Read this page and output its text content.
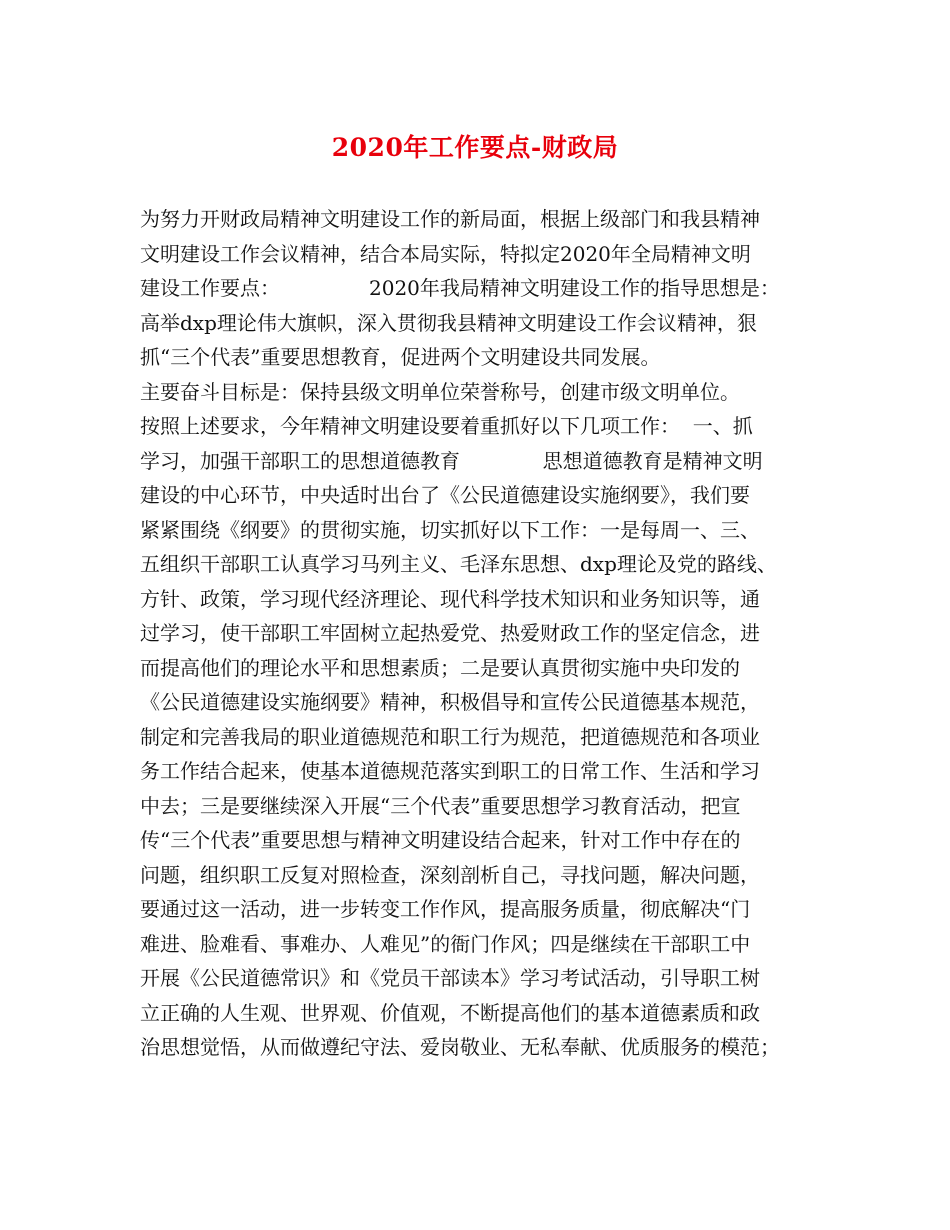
2020年工作要点-财政局
为努力开财政局精神文明建设工作的新局面，根据上级部门和我县精神
文明建设工作会议精神，结合本局实际，特拟定2020年全局精神文明
建设工作要点：              2020年我局精神文明建设工作的指导思想是：
高举dxp理论伟大旗帜，深入贯彻我县精神文明建设工作会议精神，狠
抓“三个代表”重要思想教育，促进两个文明建设共同发展。
主要奋斗目标是：保持县级文明单位荣誉称号，创建市级文明单位。
按照上述要求，今年精神文明建设要着重抓好以下几项工作：  一、抓
学习，加强干部职工的思想道德教育             思想道德教育是精神文明
建设的中心环节，中央适时出台了《公民道德建设实施纲要》，我们要
紧紧围绕《纲要》的贯彻实施，切实抓好以下工作：一是每周一、三、
五组织干部职工认真学习马列主义、毛泽东思想、dxp理论及党的路线、
方针、政策，学习现代经济理论、现代科学技术知识和业务知识等，通
过学习，使干部职工牢固树立起热爱党、热爱财政工作的坚定信念，进
而提高他们的理论水平和思想素质；二是要认真贯彻实施中央印发的
《公民道德建设实施纲要》精神，积极倡导和宣传公民道德基本规范，
制定和完善我局的职业道德规范和职工行为规范，把道德规范和各项业
务工作结合起来，使基本道德规范落实到职工的日常工作、生活和学习
中去；三是要继续深入开展“三个代表”重要思想学习教育活动，把宣
传“三个代表”重要思想与精神文明建设结合起来，针对工作中存在的
问题，组织职工反复对照检查，深刻剖析自己，寻找问题，解决问题，
要通过这一活动，进一步转变工作作风，提高服务质量，彻底解决“门
难进、脸难看、事难办、人难见”的衙门作风；四是继续在干部职工中
开展《公民道德常识》和《党员干部读本》学习考试活动，引导职工树
立正确的人生观、世界观、价值观，不断提高他们的基本道德素质和政
治思想觉悟，从而做遵纪守法、爱岗敬业、无私奉献、优质服务的模范；
